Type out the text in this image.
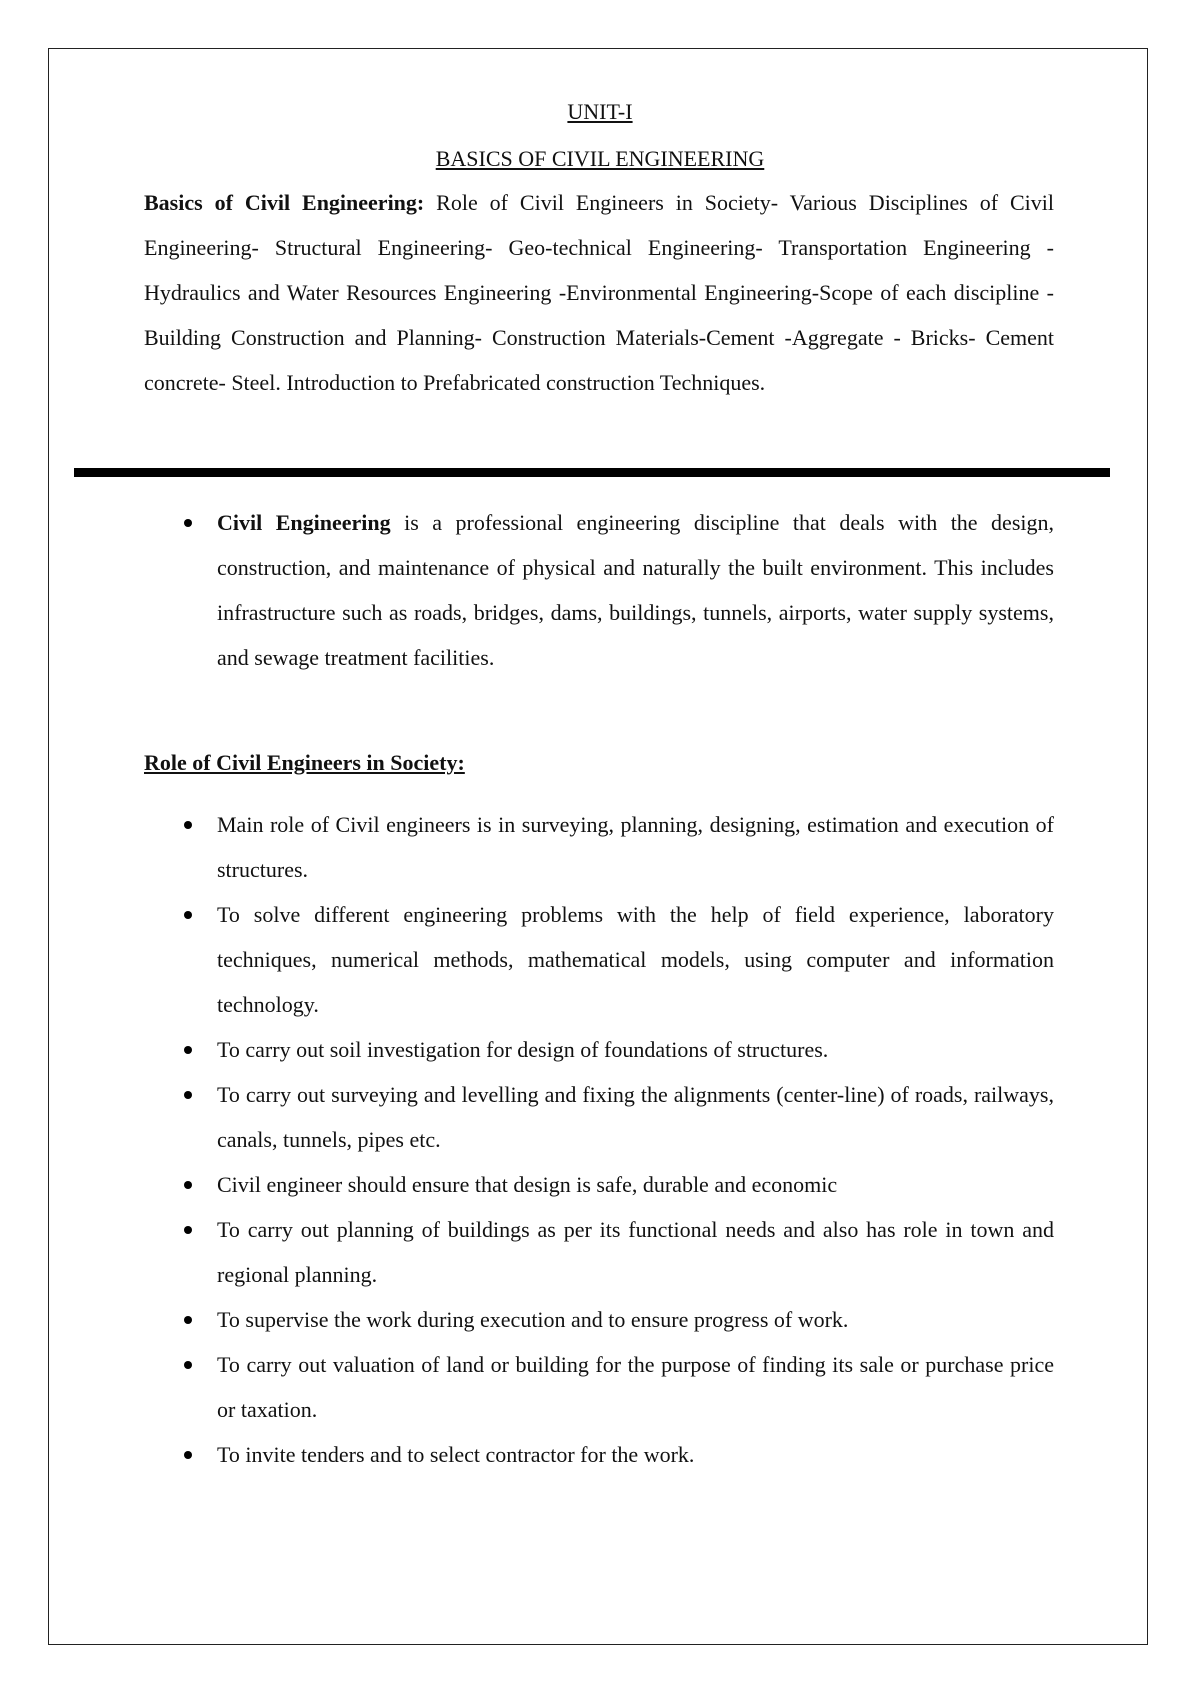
UNIT-I
BASICS OF CIVIL ENGINEERING
Basics of Civil Engineering: Role of Civil Engineers in Society- Various Disciplines of Civil Engineering- Structural Engineering- Geo-technical Engineering- Transportation Engineering - Hydraulics and Water Resources Engineering -Environmental Engineering-Scope of each discipline - Building Construction and Planning- Construction Materials-Cement -Aggregate - Bricks- Cement concrete- Steel. Introduction to Prefabricated construction Techniques.
Civil Engineering is a professional engineering discipline that deals with the design, construction, and maintenance of physical and naturally the built environment. This includes infrastructure such as roads, bridges, dams, buildings, tunnels, airports, water supply systems, and sewage treatment facilities.
Role of Civil Engineers in Society:
Main role of Civil engineers is in surveying, planning, designing, estimation and execution of structures.
To solve different engineering problems with the help of field experience, laboratory techniques, numerical methods, mathematical models, using computer and information technology.
To carry out soil investigation for design of foundations of structures.
To carry out surveying and levelling and fixing the alignments (center-line) of roads, railways, canals, tunnels, pipes etc.
Civil engineer should ensure that design is safe, durable and economic
To carry out planning of buildings as per its functional needs and also has role in town and regional planning.
To supervise the work during execution and to ensure progress of work.
To carry out valuation of land or building for the purpose of finding its sale or purchase price or taxation.
To invite tenders and to select contractor for the work.
